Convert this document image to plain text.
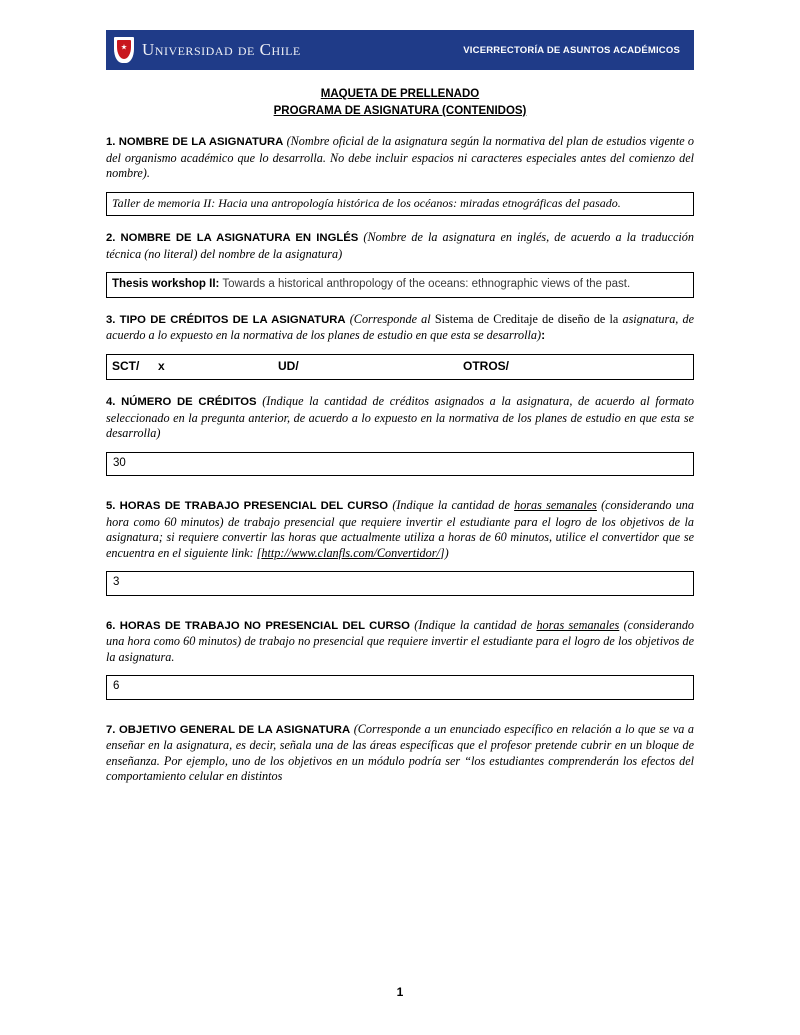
Universidad de Chile	VICERRECTORÍA DE ASUNTOS ACADÉMICOS
MAQUETA DE PRELLENADO
PROGRAMA DE ASIGNATURA (CONTENIDOS)
1. NOMBRE DE LA ASIGNATURA (Nombre oficial de la asignatura según la normativa del plan de estudios vigente o del organismo académico que lo desarrolla. No debe incluir espacios ni caracteres especiales antes del comienzo del nombre).
Taller de memoria II: Hacia una antropología histórica de los océanos: miradas etnográficas del pasado.
2. NOMBRE DE LA ASIGNATURA EN INGLÉS (Nombre de la asignatura en inglés, de acuerdo a la traducción técnica (no literal) del nombre de la asignatura)
Thesis workshop II: Towards a historical anthropology of the oceans: ethnographic views of the past.
3. TIPO DE CRÉDITOS DE LA ASIGNATURA (Corresponde al Sistema de Creditaje de diseño de la asignatura, de acuerdo a lo expuesto en la normativa de los planes de estudio en que esta se desarrolla):
SCT/	x	UD/	OTROS/
4. NÚMERO DE CRÉDITOS (Indique la cantidad de créditos asignados a la asignatura, de acuerdo al formato seleccionado en la pregunta anterior, de acuerdo a lo expuesto en la normativa de los planes de estudio en que esta se desarrolla)
30
5. HORAS DE TRABAJO PRESENCIAL DEL CURSO (Indique la cantidad de horas semanales (considerando una hora como 60 minutos) de trabajo presencial que requiere invertir el estudiante para el logro de los objetivos de la asignatura; si requiere convertir las horas que actualmente utiliza a horas de 60 minutos, utilice el convertidor que se encuentra en el siguiente link: [http://www.clanfls.com/Convertidor/])
3
6. HORAS DE TRABAJO NO PRESENCIAL DEL CURSO (Indique la cantidad de horas semanales (considerando una hora como 60 minutos) de trabajo no presencial que requiere invertir el estudiante para el logro de los objetivos de la asignatura.
6
7. OBJETIVO GENERAL DE LA ASIGNATURA (Corresponde a un enunciado específico en relación a lo que se va a enseñar en la asignatura, es decir, señala una de las áreas específicas que el profesor pretende cubrir en un bloque de enseñanza. Por ejemplo, uno de los objetivos en un módulo podría ser “los estudiantes comprenderán los efectos del comportamiento celular en distintos
1
